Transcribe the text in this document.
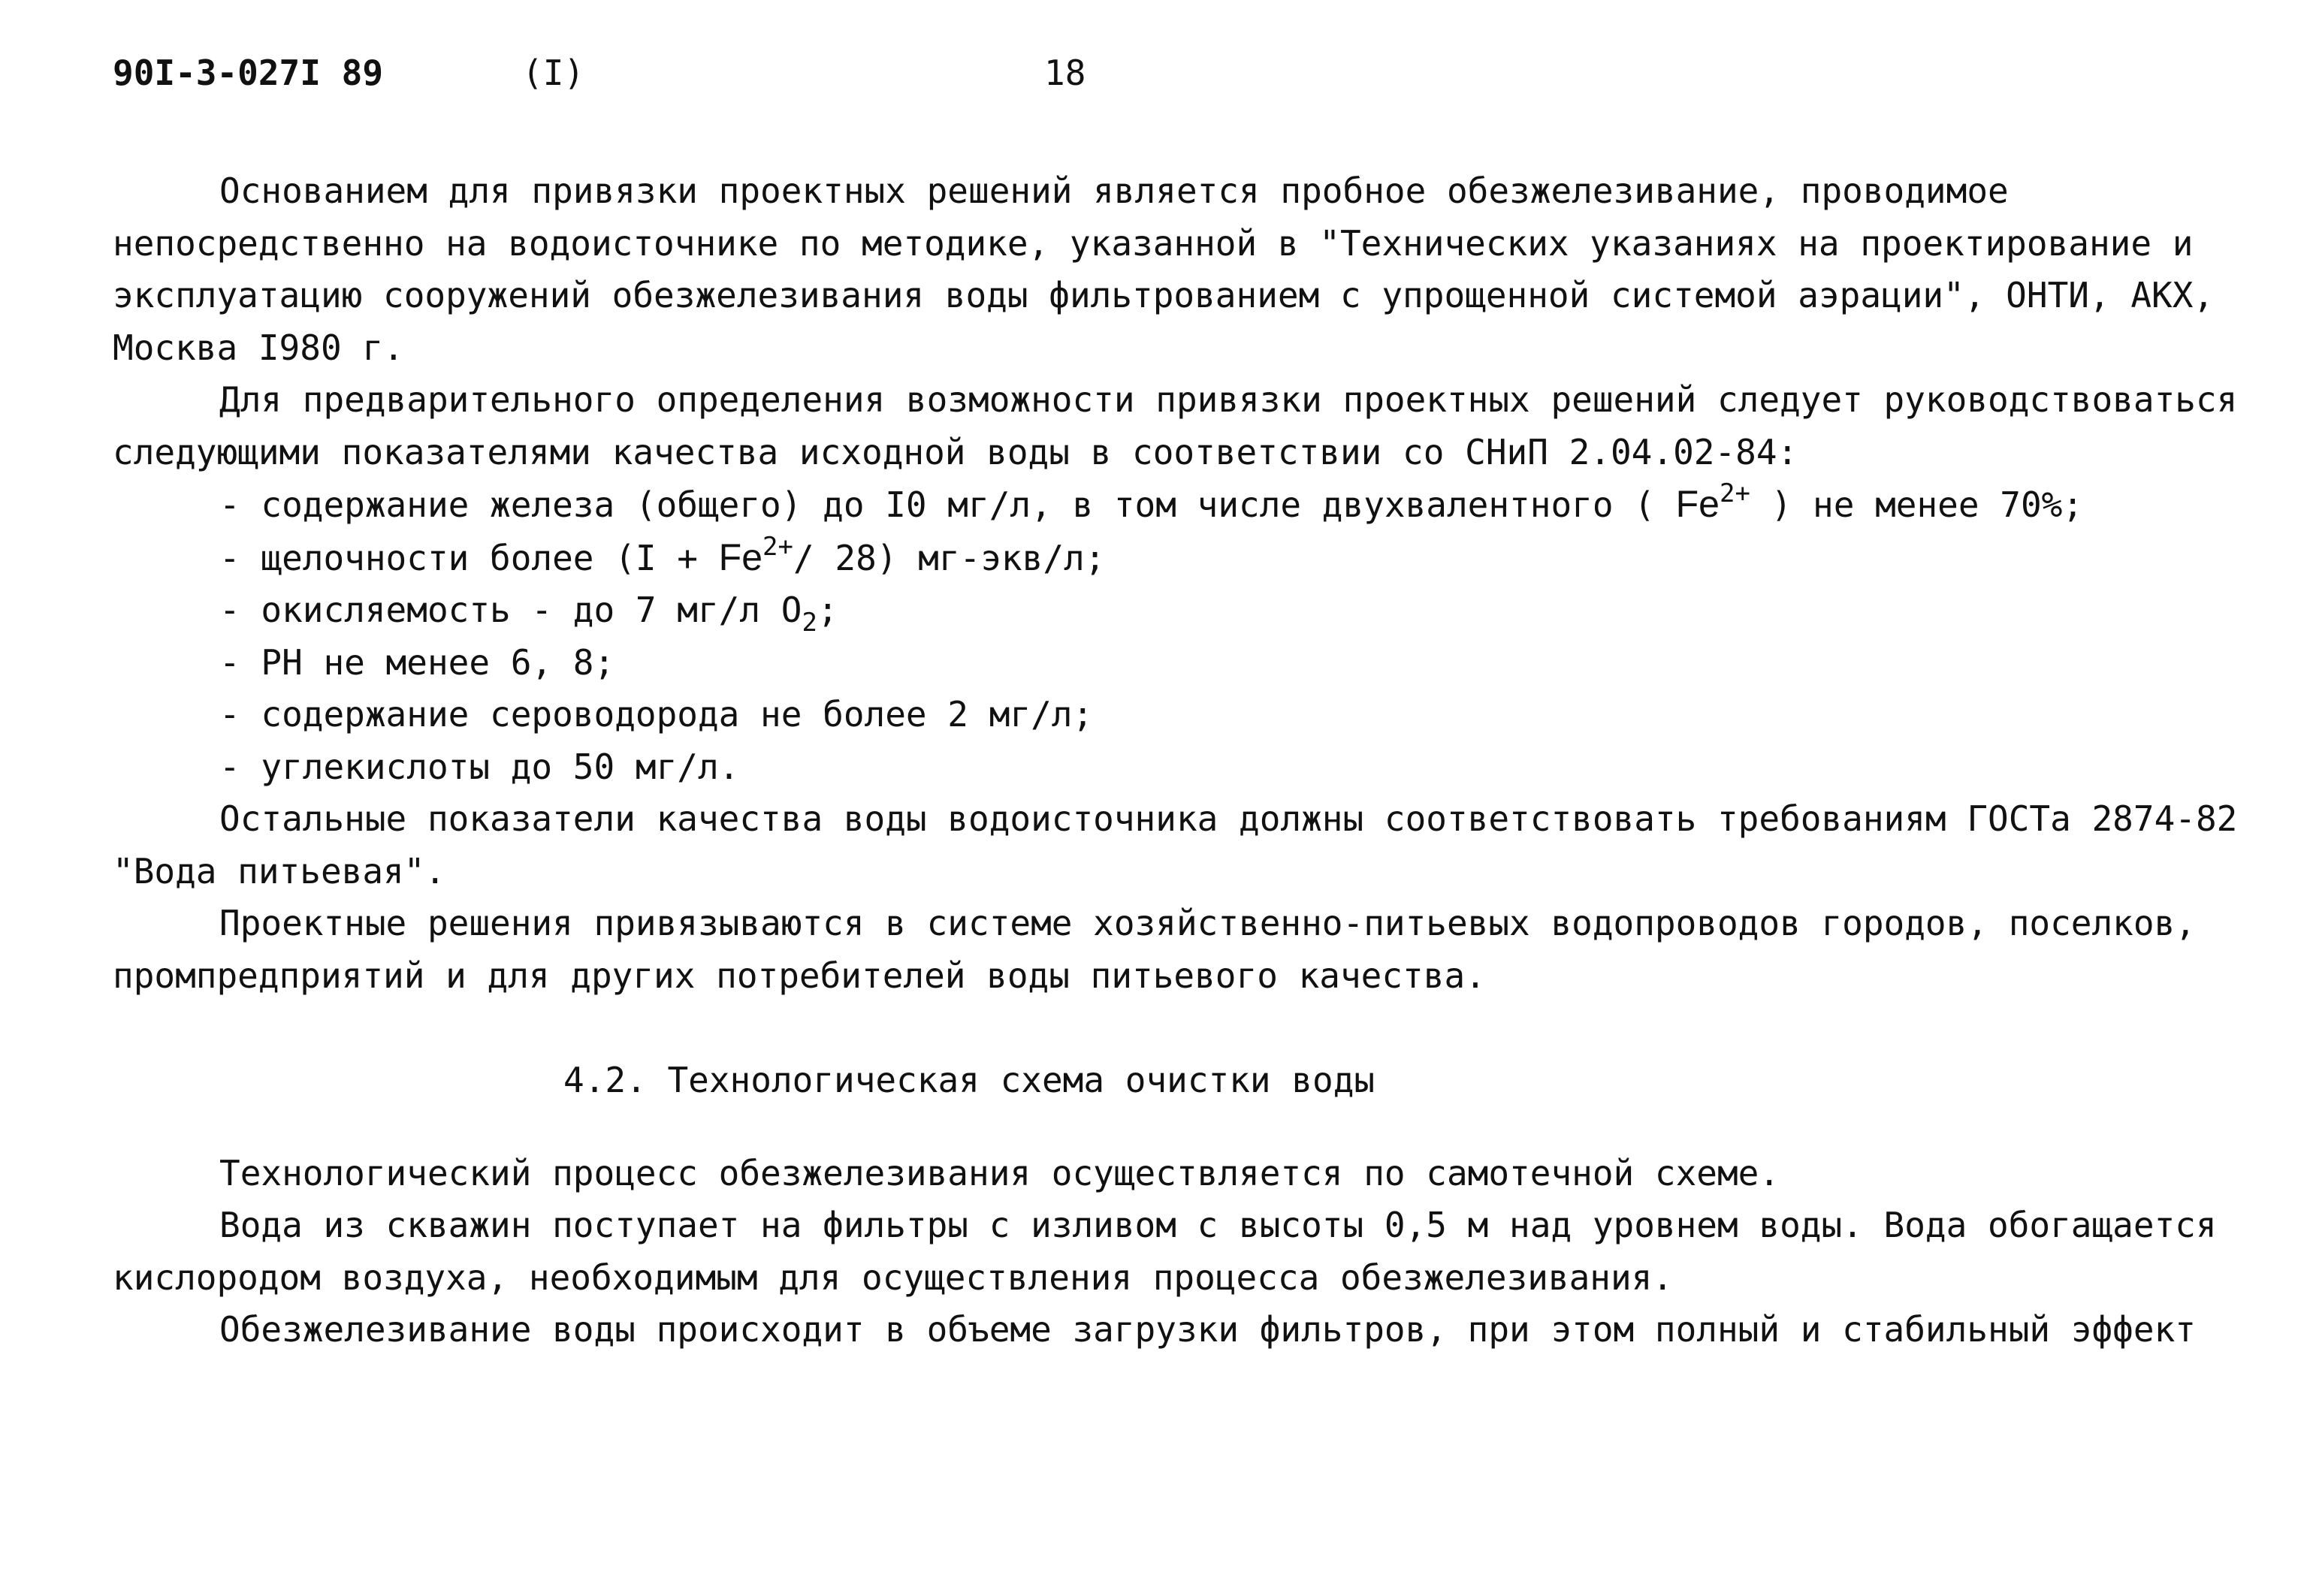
90I-3-027I 89	(I)	18

Основанием для привязки проектных решений является пробное обезжелезивание, проводимое непосредственно на водоисточнике по методике, указанной в "Технических указаниях на проектирование и эксплуатацию сооружений обезжелезивания воды фильтрованием с упрощенной системой аэрации", ОНТИ, АКХ, Москва I980 г.

Для предварительного определения возможности привязки проектных решений следует руководствоваться следующими показателями качества исходной воды в соответствии со СНиП 2.04.02-84:

- содержание железа (общего) до I0 мг/л, в том числе двухвалентного ( $Fe^{2+}$ ) не менее 70%;

- щелочности более ($I + Fe^{2+}/$ 28) мг-экв/л;

- окисляемость - до 7 мг/л $O_2$;

- PH не менее 6, 8;

- содержание сероводорода не более 2 мг/л;

- углекислоты до 50 мг/л.

Остальные показатели качества воды водоисточника должны соответствовать требованиям ГОСТа 2874-82 "Вода питьевая".

Проектные решения привязываются в системе хозяйственно-питьевых водопроводов городов, поселков, промпредприятий и для других потребителей воды питьевого качества.

4.2. Технологическая схема очистки воды

Технологический процесс обезжелезивания осуществляется по самотечной схеме.

Вода из скважин поступает на фильтры с изливом с высоты 0,5 м над уровнем воды. Вода обогащается кислородом воздуха, необходимым для осуществления процесса обезжелезивания.

Обезжелезивание воды происходит в объеме загрузки фильтров, при этом полный и стабильный эффект
